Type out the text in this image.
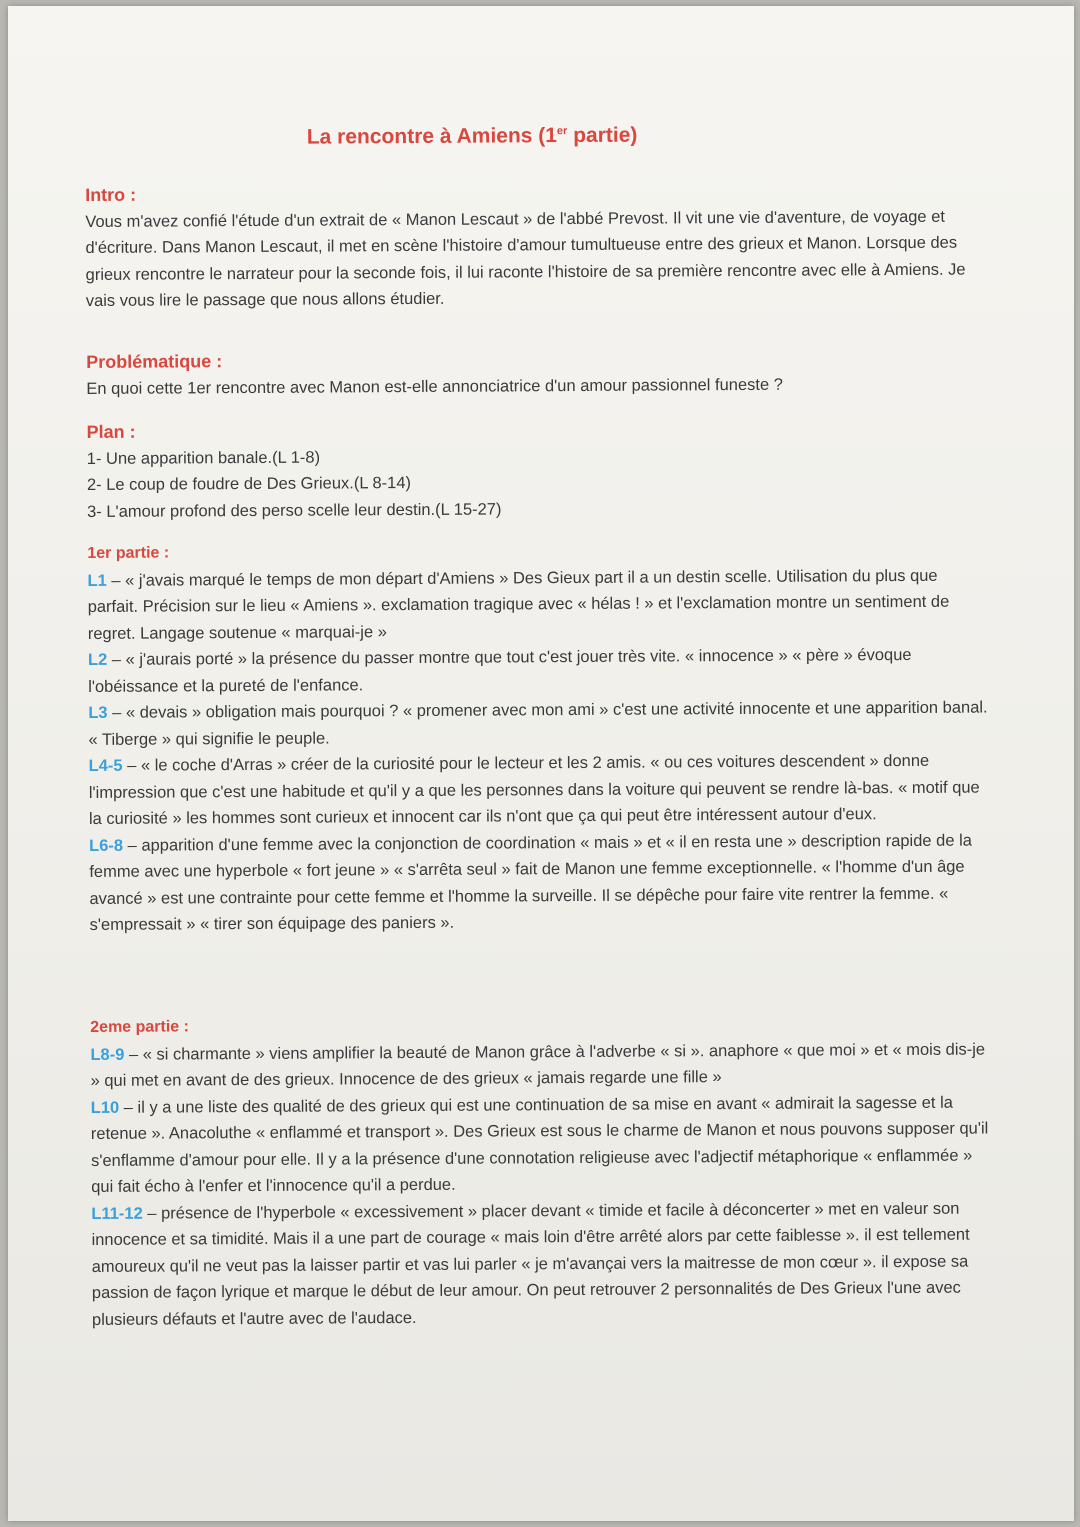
La rencontre à Amiens (1er partie)
Intro :

Vous m'avez confié l'étude d'un extrait de « Manon Lescaut » de l'abbé Prevost. Il vit une vie d'aventure, de voyage et d'écriture. Dans Manon Lescaut, il met en scène l'histoire d'amour tumultueuse entre des grieux et Manon. Lorsque des grieux rencontre le narrateur pour la seconde fois, il lui raconte l'histoire de sa première rencontre avec elle à Amiens. Je vais vous lire le passage que nous allons étudier.

Problématique :

En quoi cette 1er rencontre avec Manon est-elle annonciatrice d'un amour passionnel funeste ?

Plan :
1- Une apparition banale.(L 1-8)
2- Le coup de foudre de Des Grieux.(L 8-14)
3- L'amour profond des perso scelle leur destin.(L 15-27)
1er partie :

L1 – « j'avais marqué le temps de mon départ d'Amiens » Des Gieux part il a un destin scelle. Utilisation du plus que parfait. Précision sur le lieu « Amiens ». exclamation tragique avec « hélas ! » et l'exclamation montre un sentiment de regret. Langage soutenue « marquai-je »

L2 – « j'aurais porté » la présence du passer montre que tout c'est jouer très vite. « innocence » « père » évoque l'obéissance et la pureté de l'enfance.

L3 – « devais » obligation mais pourquoi ? « promener avec mon ami » c'est une activité innocente et une apparition banal. « Tiberge » qui signifie le peuple.

L4-5 – « le coche d'Arras » créer de la curiosité pour le lecteur et les 2 amis. « ou ces voitures descendent » donne l'impression que c'est une habitude et qu'il y a que les personnes dans la voiture qui peuvent se rendre là-bas. « motif que la curiosité » les hommes sont curieux et innocent car ils n'ont que ça qui peut être intéressent autour d'eux.

L6-8 – apparition d'une femme avec la conjonction de coordination « mais » et « il en resta une » description rapide de la femme avec une hyperbole « fort jeune » « s'arrêta seul » fait de Manon une femme exceptionnelle. « l'homme d'un âge avancé » est une contrainte pour cette femme et l'homme la surveille. Il se dépêche pour faire vite rentrer la femme. « s'empressait » « tirer son équipage des paniers ».

2eme partie :

L8-9 – « si charmante » viens amplifier la beauté de Manon grâce à l'adverbe « si ». anaphore « que moi » et « mois dis-je » qui met en avant de des grieux. Innocence de des grieux « jamais regarde une fille »

L10 – il y a une liste des qualité de des grieux qui est une continuation de sa mise en avant « admirait la sagesse et la retenue ». Anacoluthe « enflammé et transport ». Des Grieux est sous le charme de Manon et nous pouvons supposer qu'il s'enflamme d'amour pour elle. Il y a la présence d'une connotation religieuse avec l'adjectif métaphorique « enflammée » qui fait écho à l'enfer et l'innocence qu'il a perdue.

L11-12 – présence de l'hyperbole « excessivement » placer devant « timide et facile à déconcerter » met en valeur son innocence et sa timidité. Mais il a une part de courage « mais loin d'être arrêté alors par cette faiblesse ». il est tellement amoureux qu'il ne veut pas la laisser partir et vas lui parler « je m'avançai vers la maitresse de mon cœur ». il expose sa passion de façon lyrique et marque le début de leur amour. On peut retrouver 2 personnalités de Des Grieux l'une avec plusieurs défauts et l'autre avec de l'audace.
